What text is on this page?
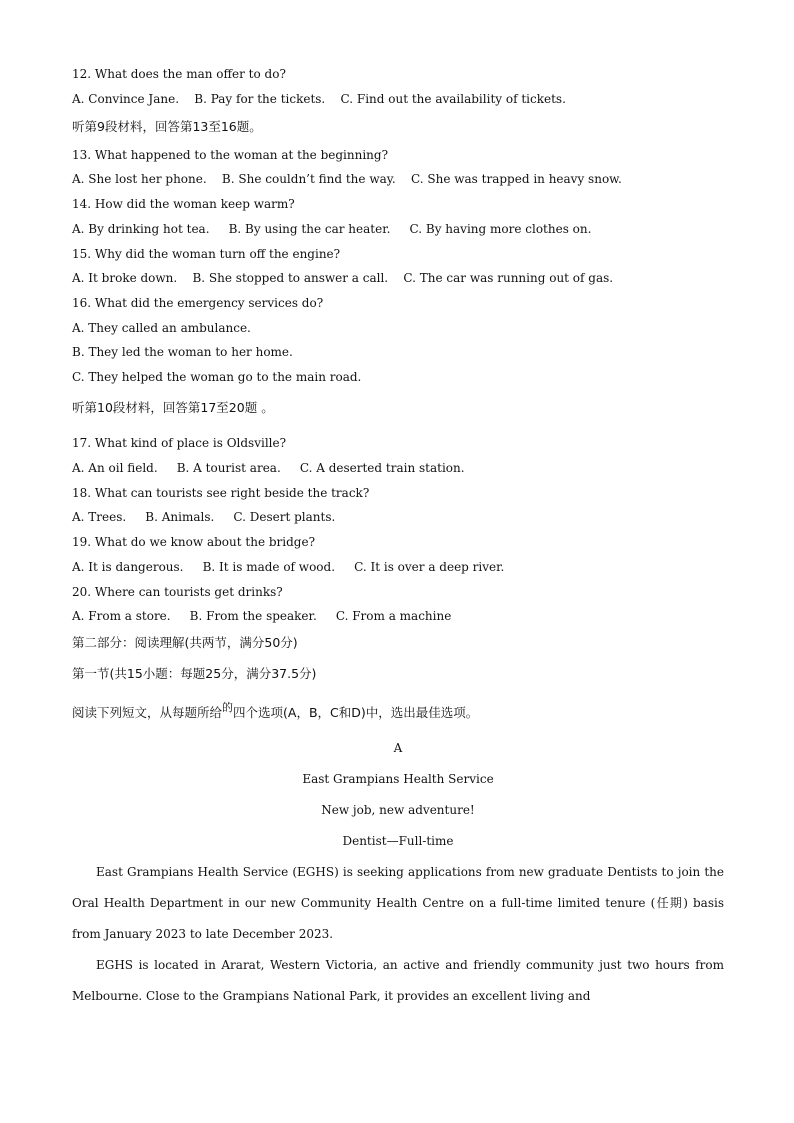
12. What does the man offer to do?
A. Convince Jane.    B. Pay for the tickets.    C. Find out the availability of tickets.
听第9段材料，回答第13至16题。
13. What happened to the woman at the beginning?
A. She lost her phone.    B. She couldn’t find the way.    C. She was trapped in heavy snow.
14. How did the woman keep warm?
A. By drinking hot tea.     B. By using the car heater.     C. By having more clothes on.
15. Why did the woman turn off the engine?
A. It broke down.    B. She stopped to answer a call.    C. The car was running out of gas.
16. What did the emergency services do?
A. They called an ambulance.
B. They led the woman to her home.
C. They helped the woman go to the main road.
听第10段材料，回答第17至20题 。
17. What kind of place is Oldsville?
A. An oil field.     B. A tourist area.     C. A deserted train station.
18. What can tourists see right beside the track?
A. Trees.     B. Animals.     C. Desert plants.
19. What do we know about the bridge?
A. It is dangerous.     B. It is made of wood.     C. It is over a deep river.
20. Where can tourists get drinks?
A. From a store.     B. From the speaker.     C. From a machine
第二部分：阅读理解(共两节，满分50分)
第一节(共15小题：每题25分，满分37.5分)
阅读下列短文，从每题所给的四个选项(A，B，C和D)中，选出最佳选项。
A
East Grampians Health Service
New job, new adventure!
Dentist—Full-time
East Grampians Health Service (EGHS) is seeking applications from new graduate Dentists to join the Oral Health Department in our new Community Health Centre on a full-time limited tenure (任期) basis from January 2023 to late December 2023.
EGHS is located in Ararat, Western Victoria, an active and friendly community just two hours from Melbourne. Close to the Grampians National Park, it provides an excellent living and
